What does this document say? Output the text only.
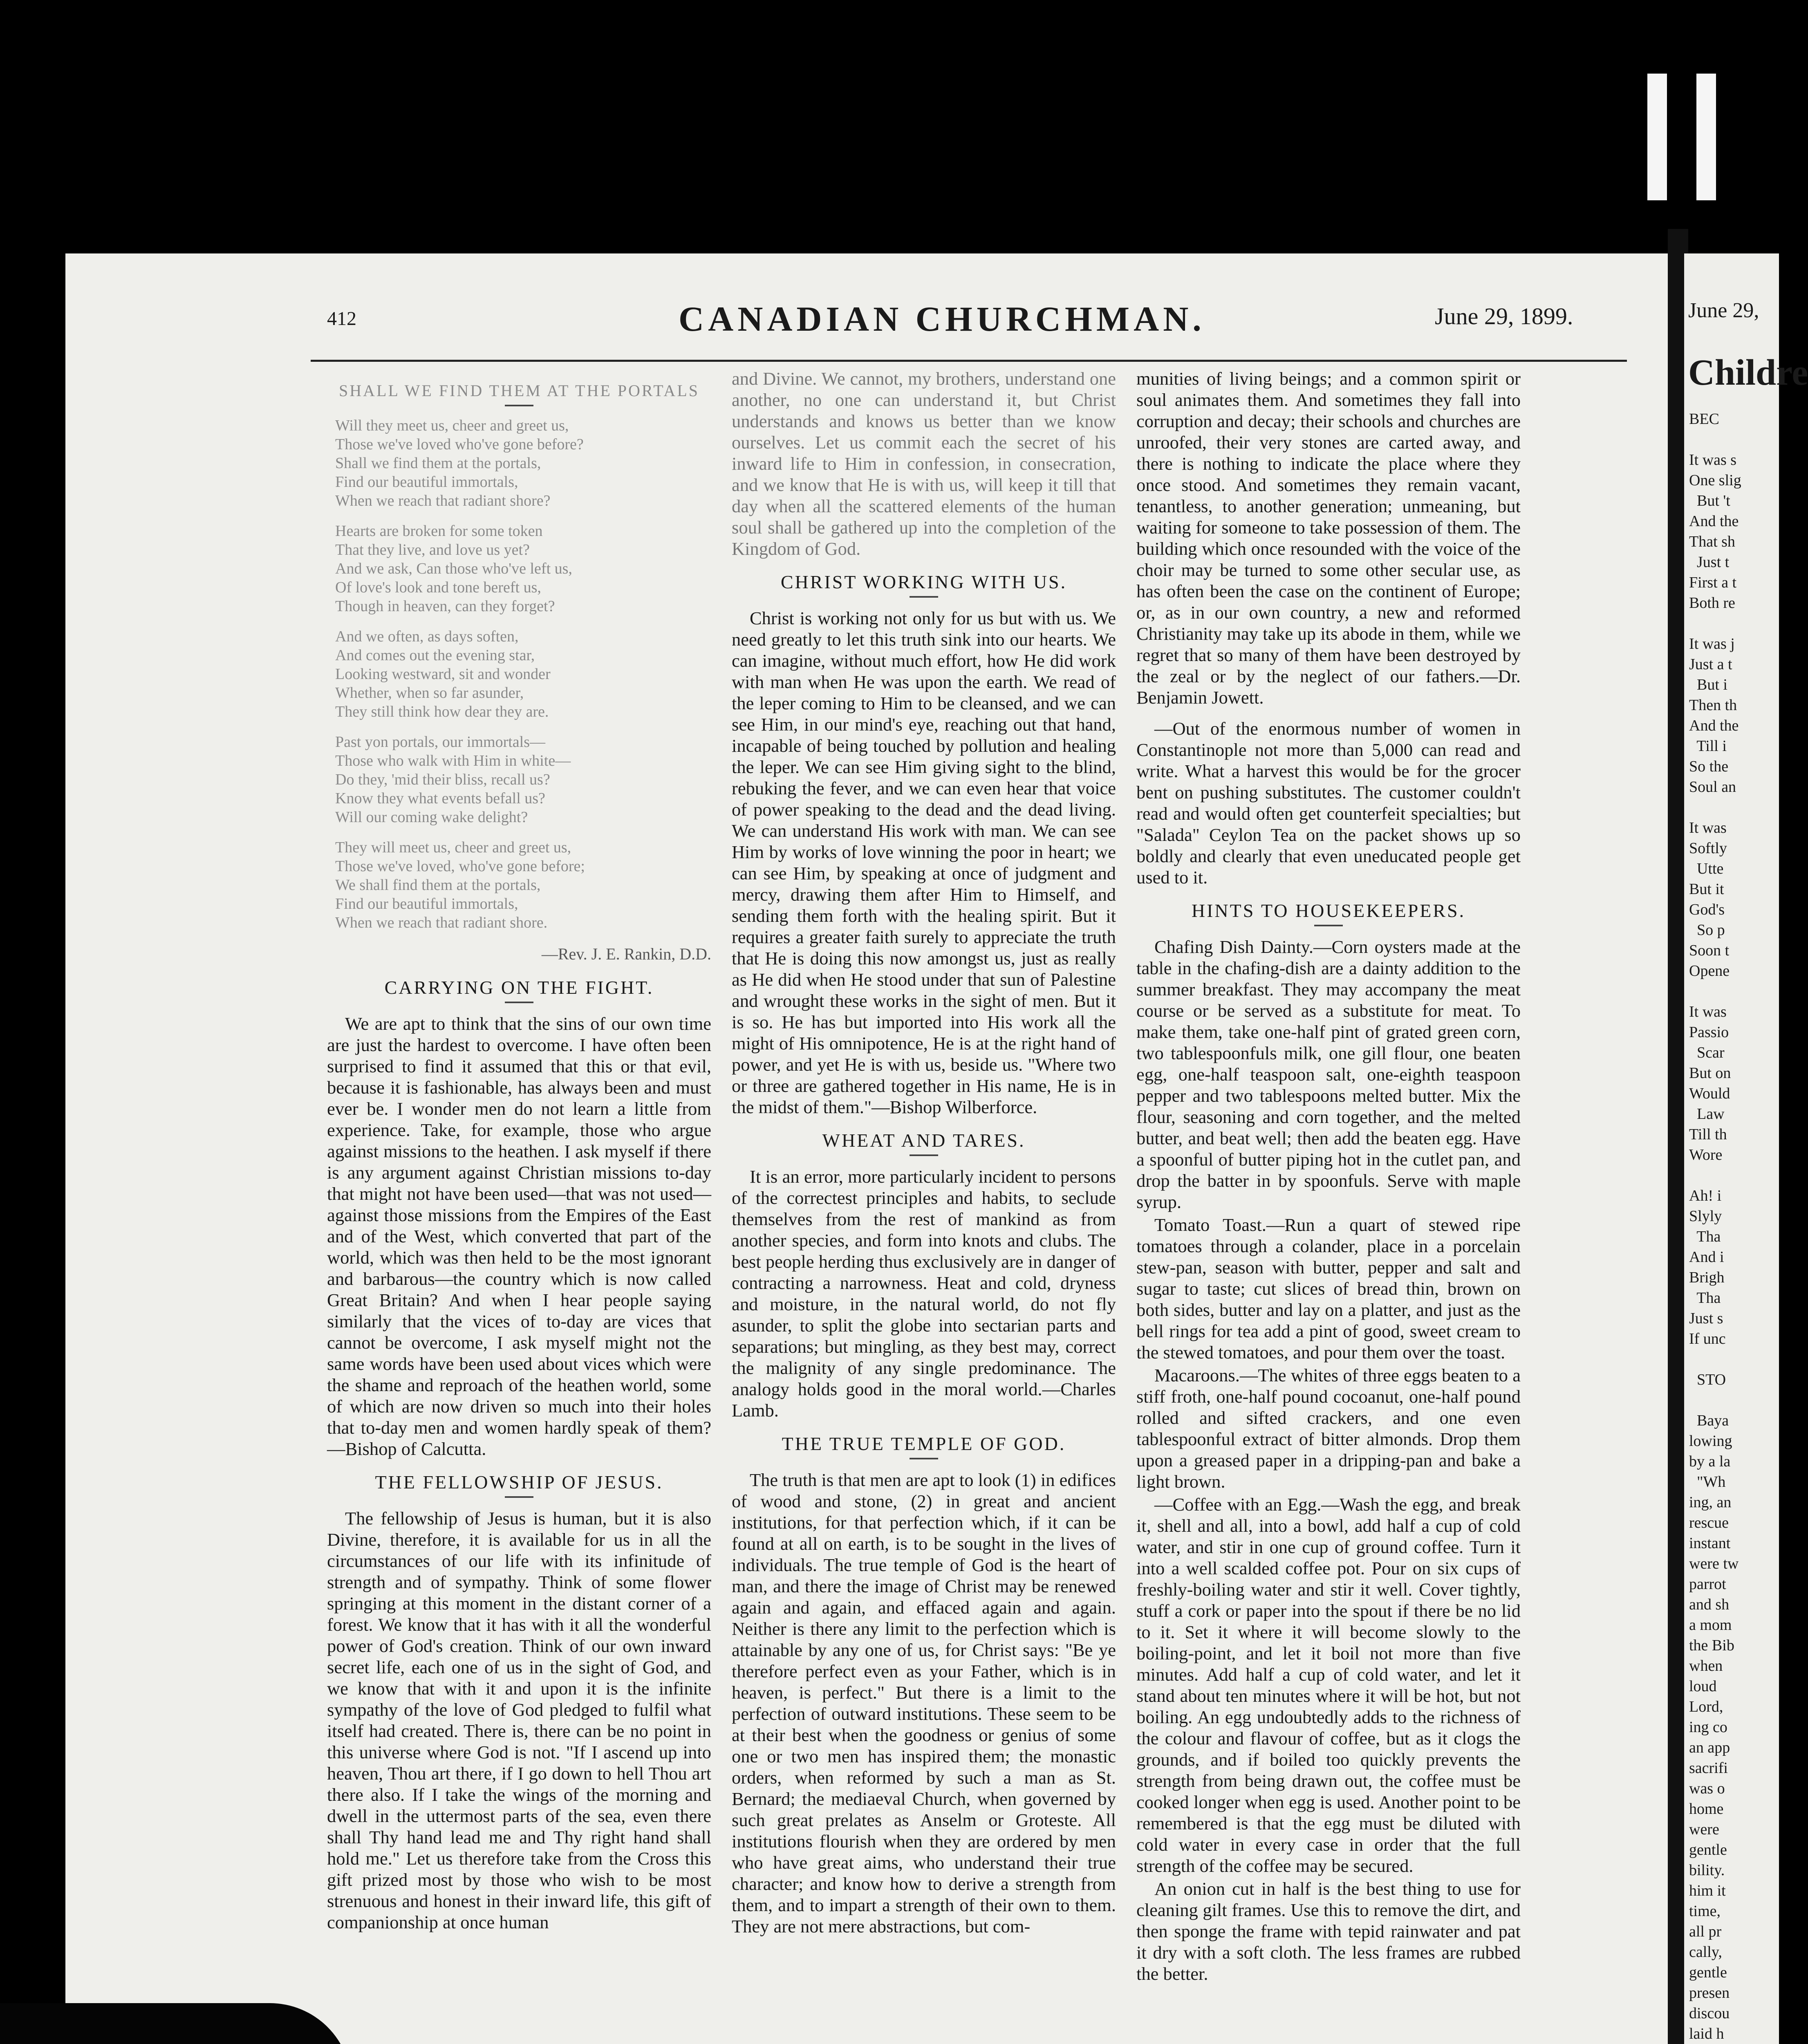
412	CANADIAN CHURCHMAN.	June 29, 1899.
SHALL WE FIND THEM AT THE PORTALS

Will they meet us, cheer and greet us,
Those we've loved who've gone before?
Shall we find them at the portals,
Find our beautiful immortals,
When we reach that radiant shore?

Hearts are broken for some token
That they live, and love us yet?
And we ask, Can those who've left us,
Of love's look and tone bereft us,
Though in heaven, can they forget?

And we often, as days soften,
And comes out the evening star,
Looking westward, sit and wonder
Whether, when so far asunder,
They still think how dear they are.

Past yon portals, our immortals—
Those who walk with Him in white—
Do they, 'mid their bliss, recall us?
Know they what events befall us?
Will our coming wake delight?

They will meet us, cheer and greet us,
Those we've loved, who've gone before;
We shall find them at the portals,
Find our beautiful immortals,
When we reach that radiant shore.

—Rev. J. E. Rankin, D.D.

CARRYING ON THE FIGHT.

We are apt to think that the sins of our own time are just the hardest to overcome. I have often been surprised to find it assumed that this or that evil, because it is fashionable, has always been and must ever be. I wonder men do not learn a little from experience. Take, for example, those who argue against missions to the heathen. I ask myself if there is any argument against Christian missions to-day that might not have been used—that was not used—against those missions from the Empires of the East and of the West, which converted that part of the world, which was then held to be the most ignorant and barbarous—the country which is now called Great Britain? And when I hear people saying similarly that the vices of to-day are vices that cannot be overcome, I ask myself might not the same words have been used about vices which were the shame and reproach of the heathen world, some of which are now driven so much into their holes that to-day men and women hardly speak of them?—Bishop of Calcutta.

THE FELLOWSHIP OF JESUS.

The fellowship of Jesus is human, but it is also Divine, therefore, it is available for us in all the circumstances of our life with its infinitude of strength and of sympathy. Think of some flower springing at this moment in the distant corner of a forest. We know that it has with it all the wonderful power of God's creation. Think of our own inward secret life, each one of us in the sight of God, and we know that with it and upon it is the infinite sympathy of the love of God pledged to fulfil what itself had created. There is, there can be no point in this universe where God is not. "If I ascend up into heaven, Thou art there, if I go down to hell Thou art there also. If I take the wings of the morning and dwell in the uttermost parts of the sea, even there shall Thy hand lead me and Thy right hand shall hold me." Let us therefore take from the Cross this gift prized most by those who wish to be most strenuous and honest in their inward life, this gift of companionship at once human

and Divine. We cannot, my brothers, understand one another, no one can understand it, but Christ understands and knows us better than we know ourselves. Let us commit each the secret of his inward life to Him in confession, in consecration, and we know that He is with us, will keep it till that day when all the scattered elements of the human soul shall be gathered up into the completion of the Kingdom of God.

CHRIST WORKING WITH US.

Christ is working not only for us but with us. We need greatly to let this truth sink into our hearts. We can imagine, without much effort, how He did work with man when He was upon the earth. We read of the leper coming to Him to be cleansed, and we can see Him, in our mind's eye, reaching out that hand, incapable of being touched by pollution and healing the leper. We can see Him giving sight to the blind, rebuking the fever, and we can even hear that voice of power speaking to the dead and the dead living. We can understand His work with man. We can see Him by works of love winning the poor in heart; we can see Him, by speaking at once of judgment and mercy, drawing them after Him to Himself, and sending them forth with the healing spirit. But it requires a greater faith surely to appreciate the truth that He is doing this now amongst us, just as really as He did when He stood under that sun of Palestine and wrought these works in the sight of men. But it is so. He has but imported into His work all the might of His omnipotence, He is at the right hand of power, and yet He is with us, beside us. "Where two or three are gathered together in His name, He is in the midst of them."—Bishop Wilberforce.

WHEAT AND TARES.

It is an error, more particularly incident to persons of the correctest principles and habits, to seclude themselves from the rest of mankind as from another species, and form into knots and clubs. The best people herding thus exclusively are in danger of contracting a narrowness. Heat and cold, dryness and moisture, in the natural world, do not fly asunder, to split the globe into sectarian parts and separations; but mingling, as they best may, correct the malignity of any single predominance. The analogy holds good in the moral world.—Charles Lamb.

THE TRUE TEMPLE OF GOD.

The truth is that men are apt to look (1) in edifices of wood and stone, (2) in great and ancient institutions, for that perfection which, if it can be found at all on earth, is to be sought in the lives of individuals. The true temple of God is the heart of man, and there the image of Christ may be renewed again and again, and effaced again and again. Neither is there any limit to the perfection which is attainable by any one of us, for Christ says: "Be ye therefore perfect even as your Father, which is in heaven, is perfect." But there is a limit to the perfection of outward institutions. These seem to be at their best when the goodness or genius of some one or two men has inspired them; the monastic orders, when reformed by such a man as St. Bernard; the mediaeval Church, when governed by such great prelates as Anselm or Groteste. All institutions flourish when they are ordered by men who have great aims, who understand their true character; and know how to derive a strength from them, and to impart a strength of their own to them. They are not mere abstractions, but com-

munities of living beings; and a common spirit or soul animates them. And sometimes they fall into corruption and decay; their schools and churches are unroofed, their very stones are carted away, and there is nothing to indicate the place where they once stood. And sometimes they remain vacant, tenantless, to another generation; unmeaning, but waiting for someone to take possession of them. The building which once resounded with the voice of the choir may be turned to some other secular use, as has often been the case on the continent of Europe; or, as in our own country, a new and reformed Christianity may take up its abode in them, while we regret that so many of them have been destroyed by the zeal or by the neglect of our fathers.—Dr. Benjamin Jowett.

—Out of the enormous number of women in Constantinople not more than 5,000 can read and write. What a harvest this would be for the grocer bent on pushing substitutes. The customer couldn't read and would often get counterfeit specialties; but "Salada" Ceylon Tea on the packet shows up so boldly and clearly that even uneducated people get used to it.

HINTS TO HOUSEKEEPERS.

Chafing Dish Dainty.—Corn oysters made at the table in the chafing-dish are a dainty addition to the summer breakfast. They may accompany the meat course or be served as a substitute for meat. To make them, take one-half pint of grated green corn, two tablespoonfuls milk, one gill flour, one beaten egg, one-half teaspoon salt, one-eighth teaspoon pepper and two tablespoons melted butter. Mix the flour, seasoning and corn together, and the melted butter, and beat well; then add the beaten egg. Have a spoonful of butter piping hot in the cutlet pan, and drop the batter in by spoonfuls. Serve with maple syrup.

Tomato Toast.—Run a quart of stewed ripe tomatoes through a colander, place in a porcelain stew-pan, season with butter, pepper and salt and sugar to taste; cut slices of bread thin, brown on both sides, butter and lay on a platter, and just as the bell rings for tea add a pint of good, sweet cream to the stewed tomatoes, and pour them over the toast.

Macaroons.—The whites of three eggs beaten to a stiff froth, one-half pound cocoanut, one-half pound rolled and sifted crackers, and one even tablespoonful extract of bitter almonds. Drop them upon a greased paper in a dripping-pan and bake a light brown.

—Coffee with an Egg.—Wash the egg, and break it, shell and all, into a bowl, add half a cup of cold water, and stir in one cup of ground coffee. Turn it into a well scalded coffee pot. Pour on six cups of freshly-boiling water and stir it well. Cover tightly, stuff a cork or paper into the spout if there be no lid to it. Set it where it will become slowly to the boiling-point, and let it boil not more than five minutes. Add half a cup of cold water, and let it stand about ten minutes where it will be hot, but not boiling. An egg undoubtedly adds to the richness of the colour and flavour of coffee, but as it clogs the grounds, and if boiled too quickly prevents the strength from being drawn out, the coffee must be cooked longer when egg is used. Another point to be remembered is that the egg must be diluted with cold water in every case in order that the full strength of the coffee may be secured.

An onion cut in half is the best thing to use for cleaning gilt frames. Use this to remove the dirt, and then sponge the frame with tepid rainwater and pat it dry with a soft cloth. The less frames are rubbed the better.

June 29,
Childre
BEC

It was s
One slig
But 't
And the
That sh
Just t
First a t
Both re

It was j
Just a t
But i
Then th
And the
Till i
So the
Soul an

It was
Softly
Utte
But it
God's
So p
Soon t
Opene

It was
Passio
Scar
But on
Would
Law
Till th
Wore

Ah! i
Slyly
Tha
And i
Brigh
Tha
Just s
If unc

STO

Baya
lowing
by a la
"Wh
ing, an
rescue
instant
were tw
parrot
and sh
a mom
the Bib
when
loud
Lord,
ing co
an app
sacrifi
was o
home
were
gentle
bility.
him it
time,
all pr
cally,
gentle
presen
discou
laid h
